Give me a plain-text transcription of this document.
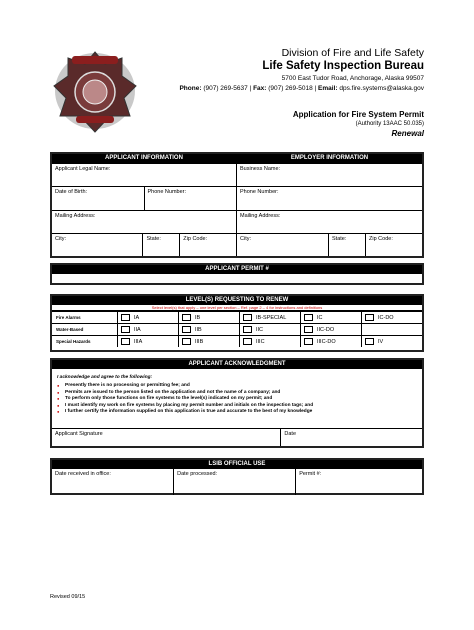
Division of Fire and Life Safety
Life Safety Inspection Bureau
5700 East Tudor Road, Anchorage, Alaska 99507
Phone: (907) 269-5637 | Fax: (907) 269-5018 | Email: dps.fire.systems@alaska.gov
Application for Fire System Permit
(Authority 13AAC 50.035)
Renewal
APPLICANT INFORMATION
Applicant Legal Name:
Date of Birth:	Phone Number:
Mailing Address:
City:	State:	Zip Code:
EMPLOYER INFORMATION
Business Name:
Phone Number:
Mailing Address:
City:	State:	Zip Code:
APPLICANT PERMIT #
LEVEL(S) REQUESTING TO RENEW
Select level(s) that apply – one level per section – Ref. page 2 – 4 for instructions and definitions
Fire Alarms	IA	IB	IB-SPECIAL	IC	IC-DO
Water-Based	IIA	IIB	IIC	IIC-DO
Special Hazards	IIIA	IIIB	IIIC	IIIC-DO	IV
APPLICANT ACKNOWLEDGMENT
I acknowledge and agree to the following:
● Presently there is no processing or permitting fee; and
● Permits are issued to the person listed on the application and not the name of a company; and
● To perform only those functions on fire systems to the level(s) indicated on my permit; and
● I must identify my work on fire systems by placing my permit number and initials on the inspection tags; and
● I further certify the information supplied on this application is true and accurate to the best of my knowledge
Applicant Signature	Date
LSIB OFFICIAL USE
Date received in office:	Date processed:	Permit #:
Revised 09/15
